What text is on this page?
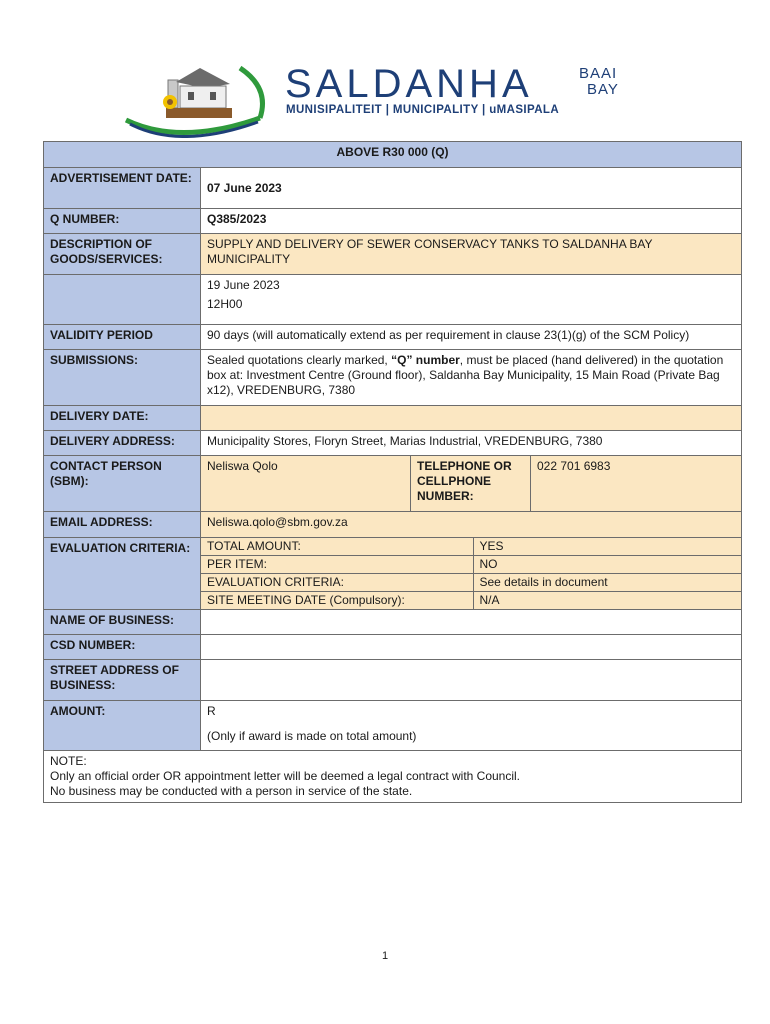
SALDANHA	BAAI
BAY
MUNISIPALITEIT | MUNICIPALITY | uMASIPALA
ABOVE R30 000 (Q)
ADVERTISEMENT DATE:	07 June 2023
Q NUMBER:	Q385/2023
DESCRIPTION OF GOODS/SERVICES:	SUPPLY AND DELIVERY OF SEWER CONSERVACY TANKS TO SALDANHA BAY MUNICIPALITY

19 June 2023
12H00

VALIDITY PERIOD	90 days (will automatically extend as per requirement in clause 23(1)(g) of the SCM Policy)
SUBMISSIONS:	Sealed quotations clearly marked, “Q” number, must be placed (hand delivered) in the quotation box at: Investment Centre (Ground floor), Saldanha Bay Municipality, 15 Main Road (Private Bag x12), VREDENBURG, 7380
DELIVERY DATE:	
DELIVERY ADDRESS:	Municipality Stores, Floryn Street, Marias Industrial, VREDENBURG, 7380
CONTACT PERSON (SBM):	Neliswa Qolo	TELEPHONE OR CELLPHONE NUMBER:	022 701 6983
EMAIL ADDRESS:	Neliswa.qolo@sbm.gov.za
EVALUATION CRITERIA:	TOTAL AMOUNT:	YES
PER ITEM:	NO
EVALUATION CRITERIA:	See details in document
SITE MEETING DATE (Compulsory):	N/A

NAME OF BUSINESS:	
CSD NUMBER:	
STREET ADDRESS OF BUSINESS:	
AMOUNT:	R
(Only if award is made on total amount)

NOTE:
Only an official order OR appointment letter will be deemed a legal contract with Council.
No business may be conducted with a person in service of the state.
1
